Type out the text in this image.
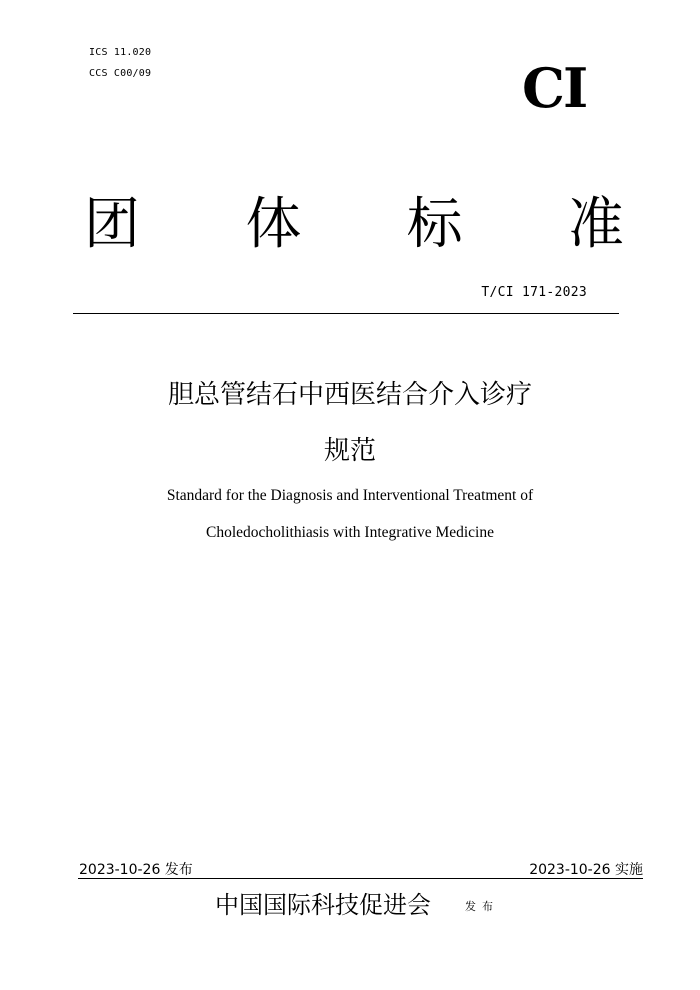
ICS 11.020
CCS C00/09	CI
团 体 标 准
T/CI 171-2023
胆总管结石中西医结合介入诊疗
规范
Standard for the Diagnosis and Interventional Treatment of
Choledocholithiasis with Integrative Medicine
2023-10-26 发布	2023-10-26 实施
中国国际科技促进会	发布
